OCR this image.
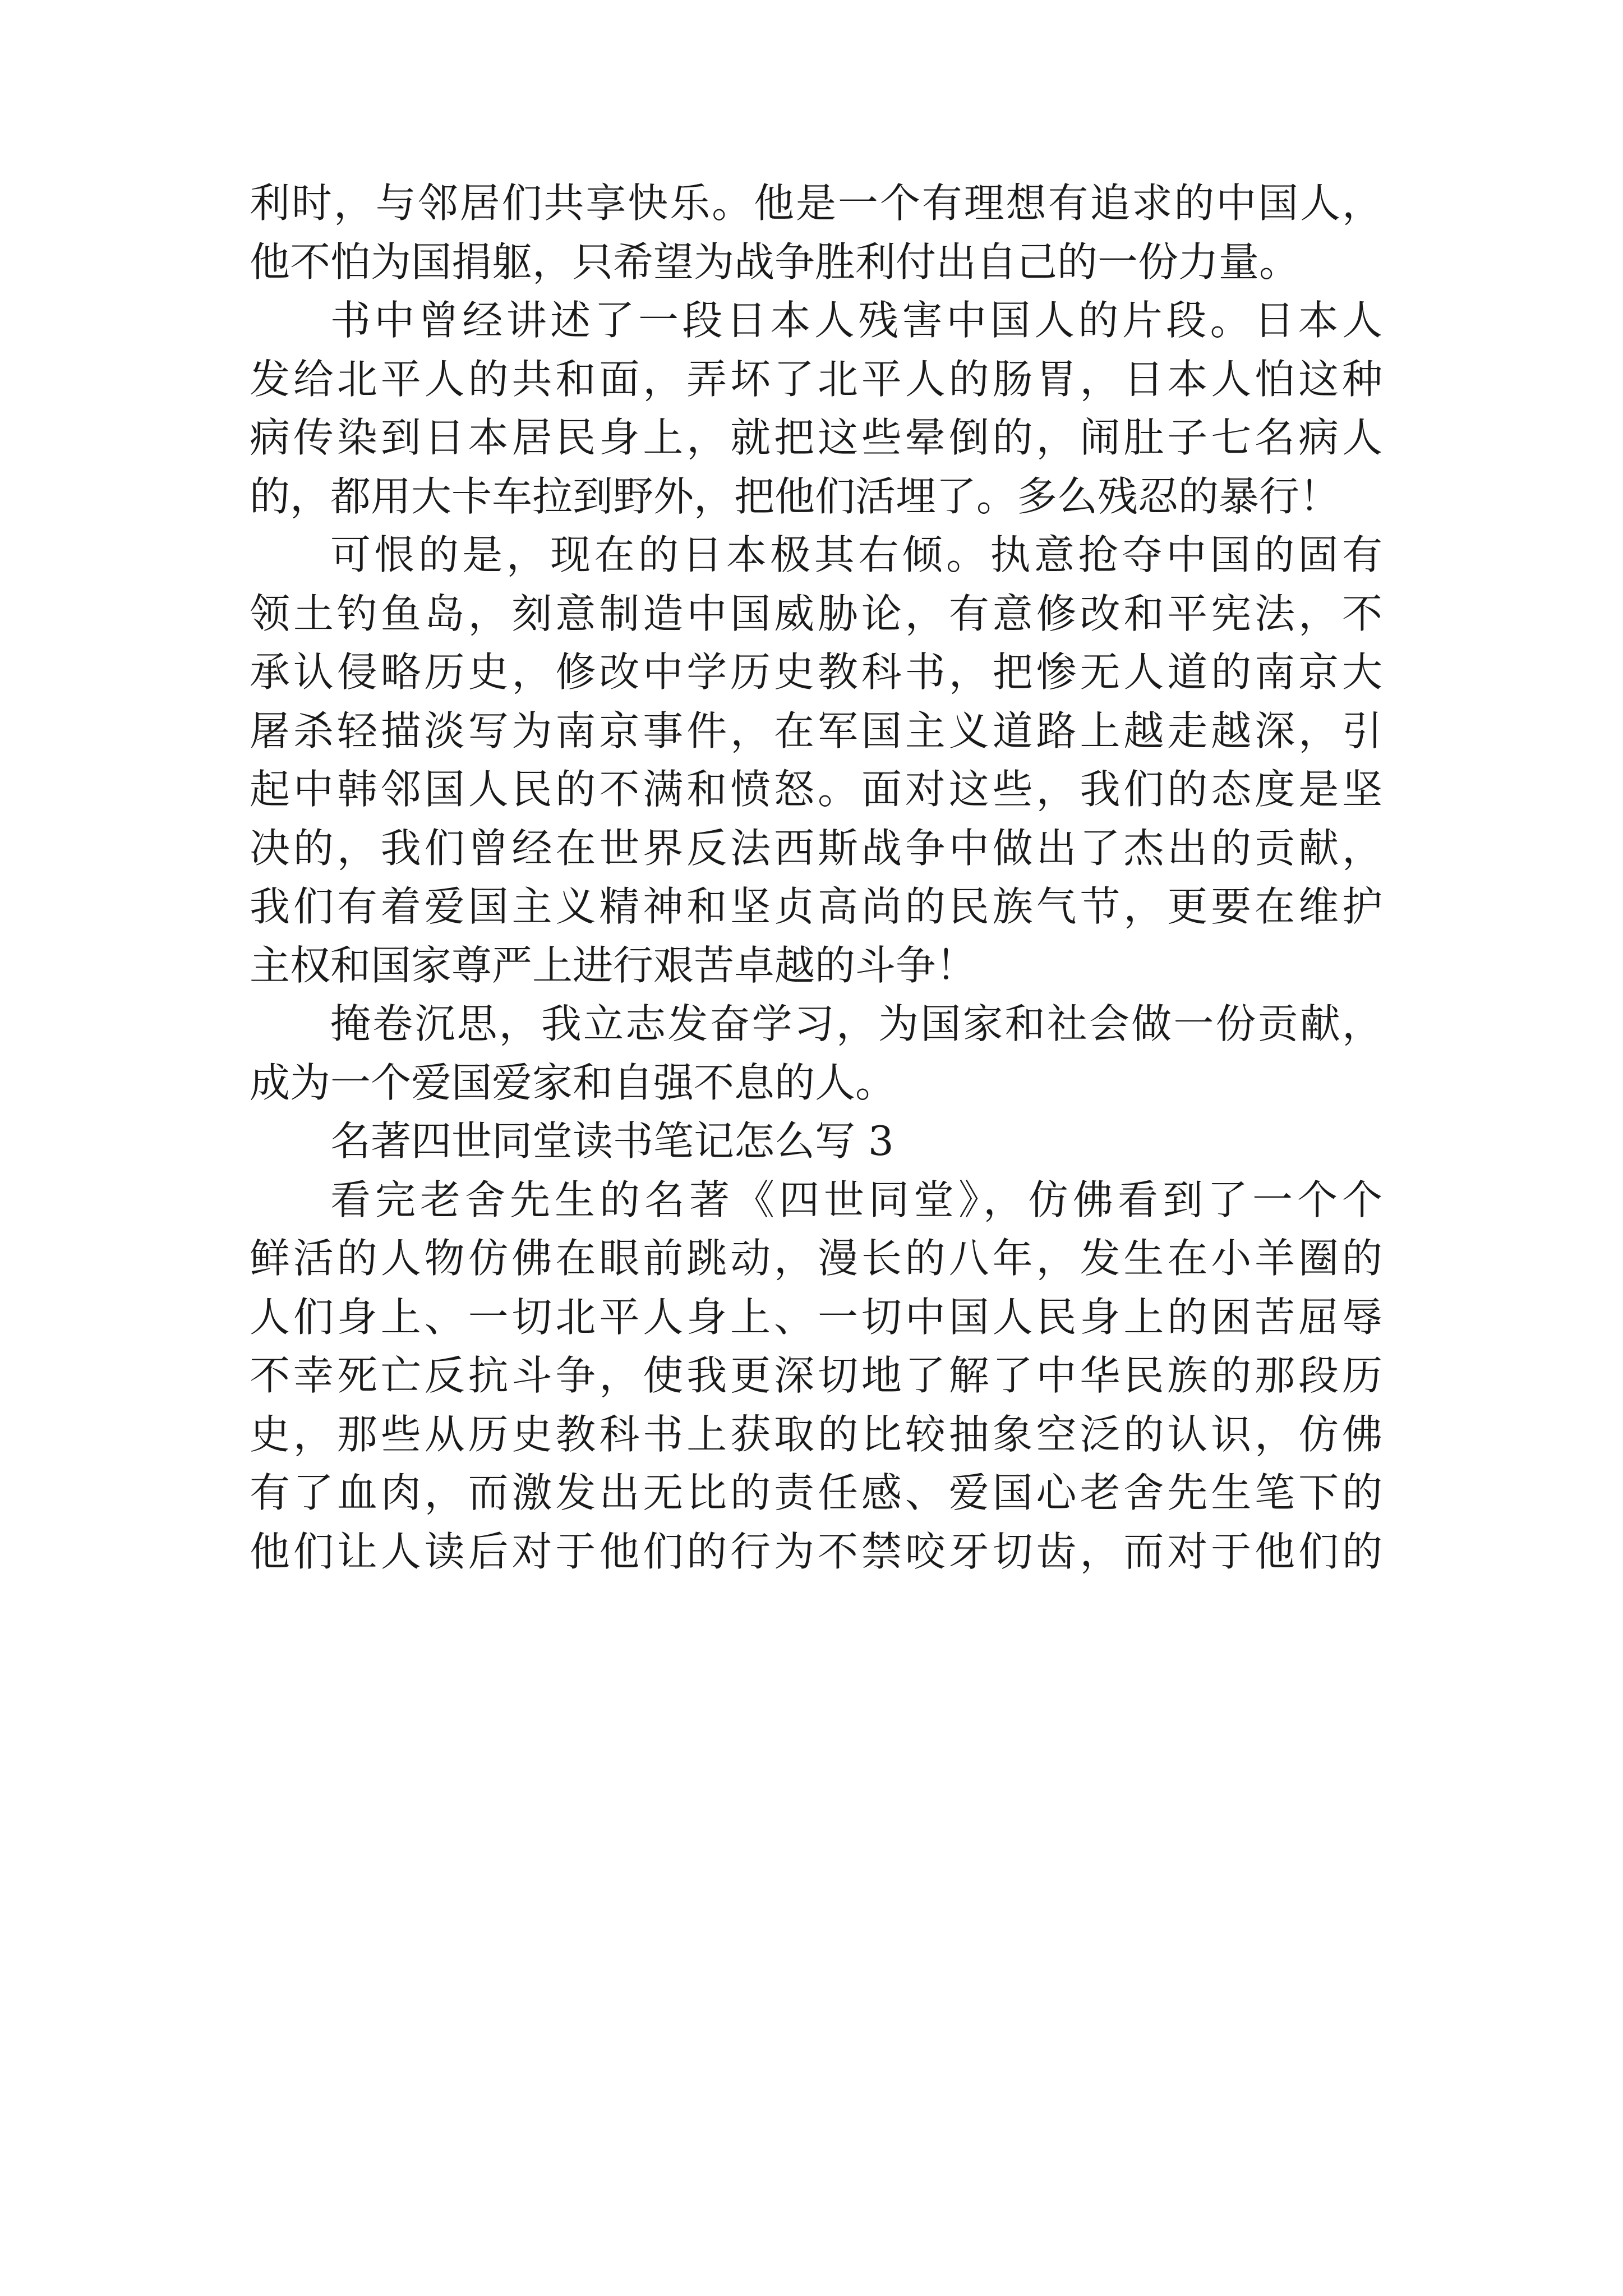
利时，与邻居们共享快乐。他是一个有理想有追求的中国人，
他不怕为国捐躯，只希望为战争胜利付出自己的一份力量。
书中曾经讲述了一段日本人残害中国人的片段。日本人
发给北平人的共和面，弄坏了北平人的肠胃，日本人怕这种
病传染到日本居民身上，就把这些晕倒的，闹肚子七名病人
的，都用大卡车拉到野外，把他们活埋了。多么残忍的暴行！
可恨的是，现在的日本极其右倾。执意抢夺中国的固有
领土钓鱼岛，刻意制造中国威胁论，有意修改和平宪法，不
承认侵略历史，修改中学历史教科书，把惨无人道的南京大
屠杀轻描淡写为南京事件，在军国主义道路上越走越深，引
起中韩邻国人民的不满和愤怒。面对这些，我们的态度是坚
决的，我们曾经在世界反法西斯战争中做出了杰出的贡献，
我们有着爱国主义精神和坚贞高尚的民族气节，更要在维护
主权和国家尊严上进行艰苦卓越的斗争！
掩卷沉思，我立志发奋学习，为国家和社会做一份贡献，
成为一个爱国爱家和自强不息的人。
名著四世同堂读书笔记怎么写 3
看完老舍先生的名著《四世同堂》，仿佛看到了一个个
鲜活的人物仿佛在眼前跳动，漫长的八年，发生在小羊圈的
人们身上、一切北平人身上、一切中国人民身上的困苦屈辱
不幸死亡反抗斗争，使我更深切地了解了中华民族的那段历
史，那些从历史教科书上获取的比较抽象空泛的认识，仿佛
有了血肉，而激发出无比的责任感、爱国心老舍先生笔下的
他们让人读后对于他们的行为不禁咬牙切齿，而对于他们的
